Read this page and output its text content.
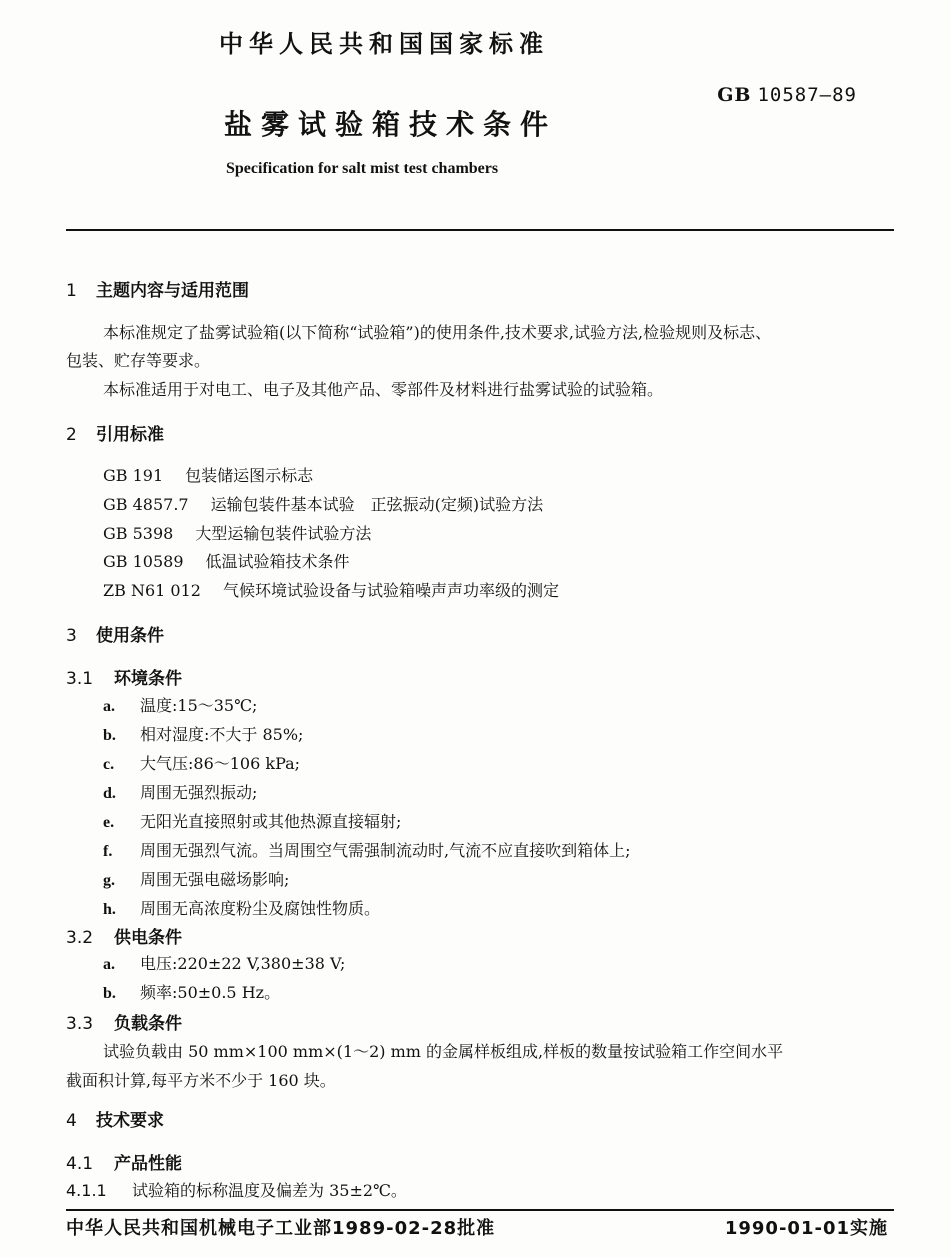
中华人民共和国国家标准
GB 10587—89
盐雾试验箱技术条件
Specification for salt mist test chambers
1 主题内容与适用范围
本标准规定了盐雾试验箱(以下简称“试验箱”)的使用条件,技术要求,试验方法,检验规则及标志、
包装、贮存等要求。
本标准适用于对电工、电子及其他产品、零部件及材料进行盐雾试验的试验箱。
2 引用标准
GB 191 包装储运图示标志
GB 4857.7 运输包装件基本试验　正弦振动(定频)试验方法
GB 5398 大型运输包装件试验方法
GB 10589 低温试验箱技术条件
ZB N61 012 气候环境试验设备与试验箱噪声声功率级的测定
3 使用条件
3.1 环境条件
a. 温度:15～35℃;
b. 相对湿度:不大于 85%;
c. 大气压:86～106 kPa;
d. 周围无强烈振动;
e. 无阳光直接照射或其他热源直接辐射;
f. 周围无强烈气流。当周围空气需强制流动时,气流不应直接吹到箱体上;
g. 周围无强电磁场影响;
h. 周围无高浓度粉尘及腐蚀性物质。
3.2 供电条件
a. 电压:220±22 V,380±38 V;
b. 频率:50±0.5 Hz。
3.3 负载条件
试验负载由 50 mm×100 mm×(1～2) mm 的金属样板组成,样板的数量按试验箱工作空间水平
截面积计算,每平方米不少于 160 块。
4 技术要求
4.1 产品性能
4.1.1 试验箱的标称温度及偏差为 35±2℃。
中华人民共和国机械电子工业部1989-02-28批准	1990-01-01实施
